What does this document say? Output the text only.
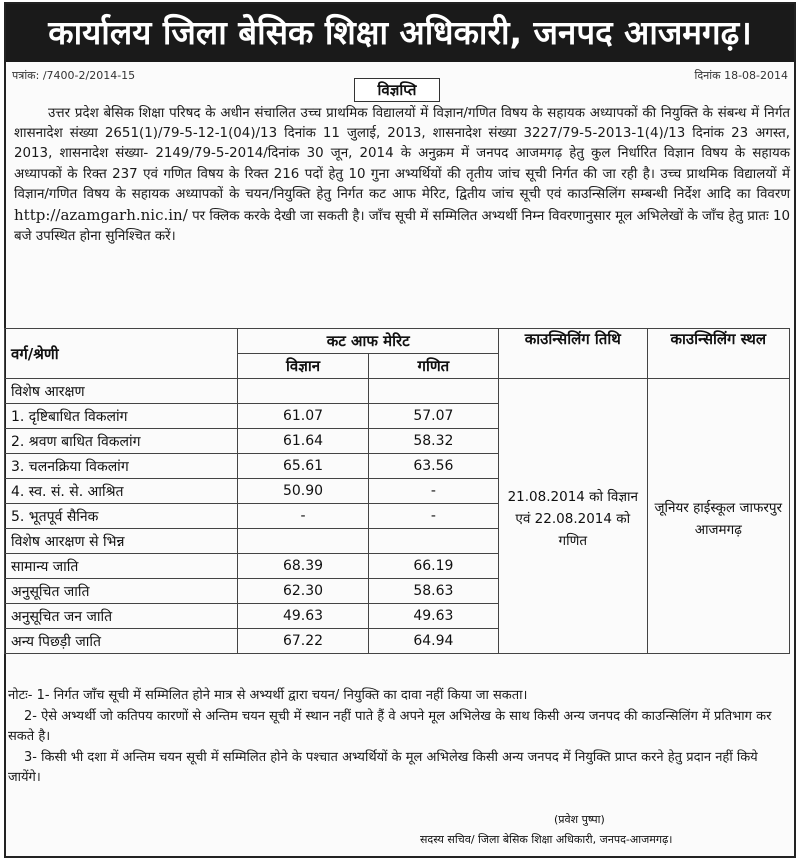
कार्यालय जिला बेसिक शिक्षा अधिकारी, जनपद आजमगढ़।
पत्रांक: /7400-2/2014-15	दिनांक 18-08-2014
विज्ञप्ति
उत्तर प्रदेश बेसिक शिक्षा परिषद के अधीन संचालित उच्च प्राथमिक विद्यालयों में विज्ञान/गणित विषय के सहायक अध्यापकों की नियुक्ति के संबन्ध में निर्गत शासनादेश संख्या 2651(1)/79-5-12-1(04)/13 दिनांक 11 जुलाई, 2013, शासनादेश संख्या 3227/79-5-2013-1(4)/13 दिनांक 23 अगस्त, 2013, शासनादेश संख्या- 2149/79-5-2014/दिनांक 30 जून, 2014 के अनुक्रम में जनपद आजमगढ़ हेतु कुल निर्धारित विज्ञान विषय के सहायक अध्यापकों के रिक्त 237 एवं गणित विषय के रिक्त 216 पदों हेतु 10 गुना अभ्यर्थियों की तृतीय जांच सूची निर्गत की जा रही है। उच्च प्राथमिक विद्यालयों में विज्ञान/गणित विषय के सहायक अध्यापकों के चयन/नियुक्ति हेतु निर्गत कट आफ मेरिट, द्वितीय जांच सूची एवं काउन्सिलिंग सम्बन्धी निर्देश आदि का विवरण http://azamgarh.nic.in/ पर क्लिक करके देखी जा सकती है। जाँच सूची में सम्मिलित अभ्यर्थी निम्न विवरणानुसार मूल अभिलेखों के जाँच हेतु प्रातः 10 बजे उपस्थित होना सुनिश्चित करें।
वर्ग/श्रेणी	कट आफ मेरिट		काउन्सिलिंग तिथि	काउन्सिलिंग स्थल
	विज्ञान	गणित		
विशेष आरक्षण			21.08.2014 को विज्ञान एवं 22.08.2014 को गणित	जूनियर हाईस्कूल जाफरपुर आजमगढ़
1. दृष्टिबाधित विकलांग	61.07	57.07		
2. श्रवण बाधित विकलांग	61.64	58.32		
3. चलनक्रिया विकलांग	65.61	63.56		
4. स्व. सं. से. आश्रित	50.90	-		
5. भूतपूर्व सैनिक	-	-		
विशेष आरक्षण से भिन्न				
सामान्य जाति	68.39	66.19		
अनुसूचित जाति	62.30	58.63		
अनुसूचित जन जाति	49.63	49.63		
अन्य पिछड़ी जाति	67.22	64.94		

नोटः- 1- निर्गत जाँच सूची में सम्मिलित होने मात्र से अभ्यर्थी द्वारा चयन/ नियुक्ति का दावा नहीं किया जा सकता।

2- ऐसे अभ्यर्थी जो कतिपय कारणों से अन्तिम चयन सूची में स्थान नहीं पाते हैं वे अपने मूल अभिलेख के साथ किसी अन्य जनपद की काउन्सिलिंग में प्रतिभाग कर सकते है।

3- किसी भी दशा में अन्तिम चयन सूची में सम्मिलित होने के पश्चात अभ्यर्थियों के मूल अभिलेख किसी अन्य जनपद में नियुक्ति प्राप्त करने हेतु प्रदान नहीं किये जायेंगे।

(प्रवेश पुष्पा)
सदस्य सचिव/ जिला बेसिक शिक्षा अधिकारी, जनपद-आजमगढ़।
